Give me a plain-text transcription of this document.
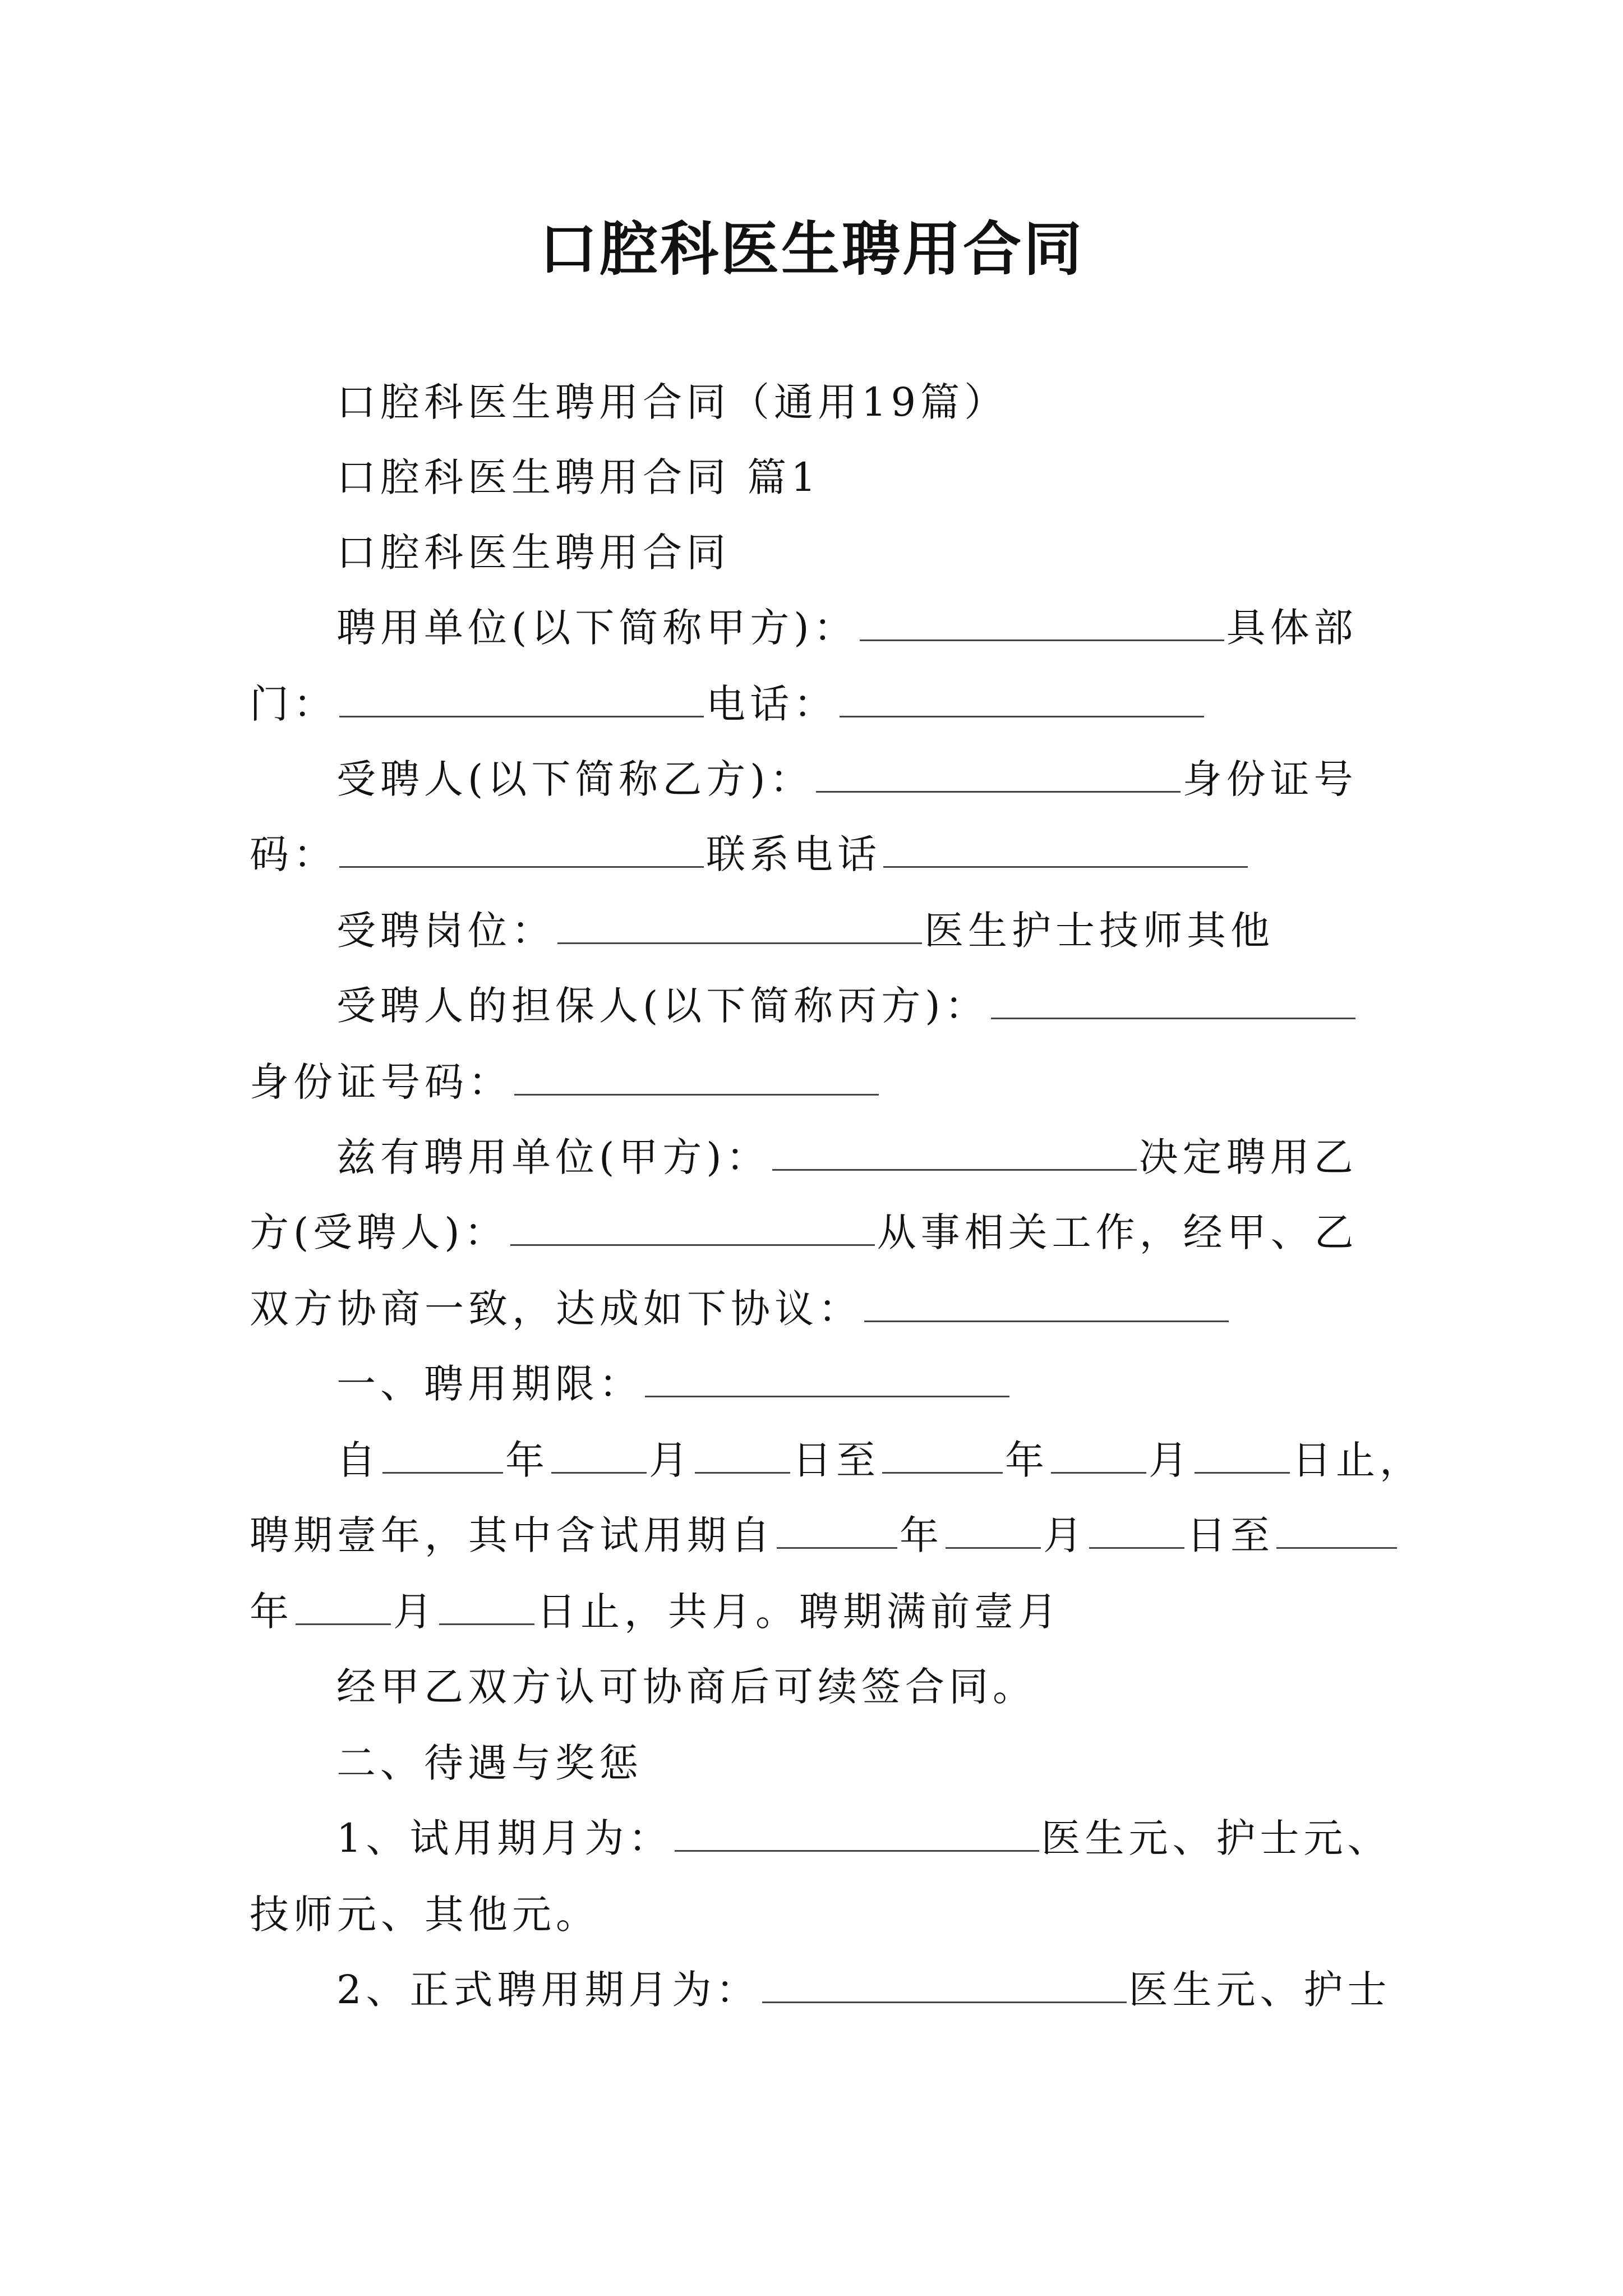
口腔科医生聘用合同
口腔科医生聘用合同（通用19篇）
口腔科医生聘用合同 篇1
口腔科医生聘用合同
聘用单位(以下简称甲方)：	具体部
门：	电话：
受聘人(以下简称乙方)：	身份证号
码：	联系电话
受聘岗位：	医生护士技师其他
受聘人的担保人(以下简称丙方)：
身份证号码：
兹有聘用单位(甲方)：	决定聘用乙
方(受聘人)：	从事相关工作，经甲、乙
双方协商一致，达成如下协议：
一、聘用期限：
自	年	月	日至	年	月	日止，
聘期壹年，其中含试用期自	年	月	日至
年	月	日止，共月。聘期满前壹月
经甲乙双方认可协商后可续签合同。
二、待遇与奖惩
1、试用期月为：	医生元、护士元、
技师元、其他元。
2、正式聘用期月为：	医生元、护士
